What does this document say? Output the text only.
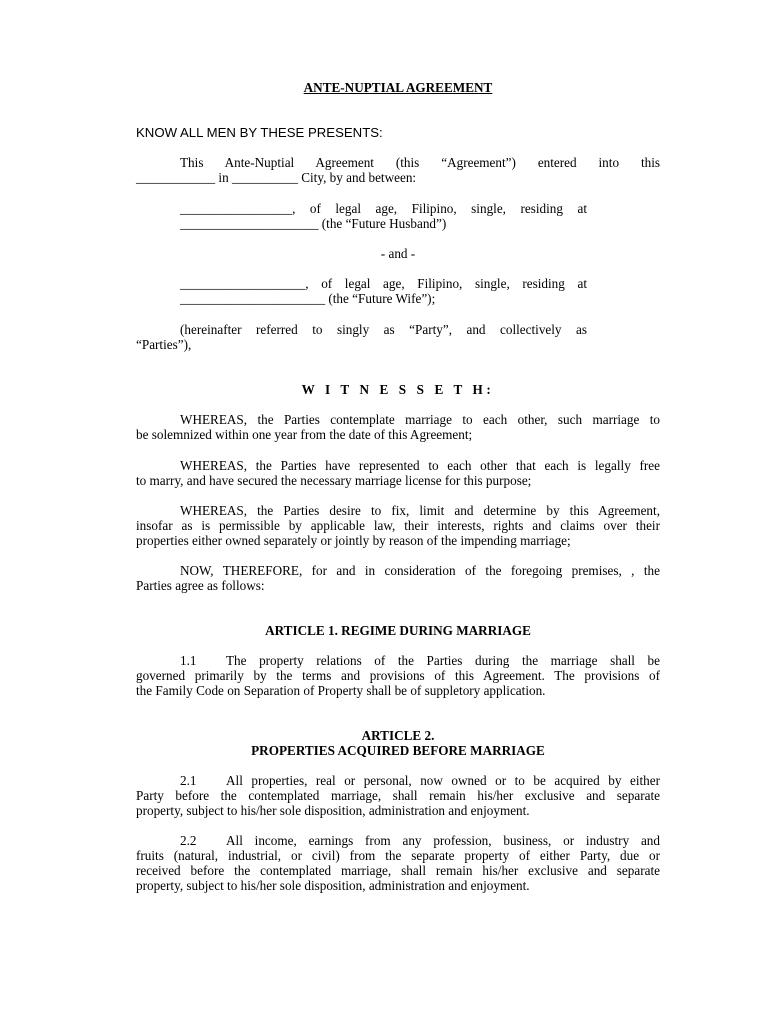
ANTE-NUPTIAL AGREEMENT
KNOW ALL MEN BY THESE PRESENTS:
This Ante-Nuptial Agreement (this “Agreement”) entered into this
____________ in __________ City, by and between:
_________________, of legal age, Filipino, single, residing at
_____________________ (the “Future Husband”)
- and -
___________________, of legal age, Filipino, single, residing at
______________________ (the “Future Wife”);
(hereinafter referred to singly as “Party”, and collectively as
“Parties”),
W I T N E S S E T H:
WHEREAS, the Parties contemplate marriage to each other, such marriage to
be solemnized within one year from the date of this Agreement;
WHEREAS, the Parties have represented to each other that each is legally free
to marry, and have secured the necessary marriage license for this purpose;
WHEREAS, the Parties desire to fix, limit and determine by this Agreement,
insofar as is permissible by applicable law, their interests, rights and claims over their
properties either owned separately or jointly by reason of the impending marriage;
NOW, THEREFORE, for and in consideration of the foregoing premises, , the
Parties agree as follows:
ARTICLE 1. REGIME DURING MARRIAGE
1.1 The property relations of the Parties during the marriage shall be
governed primarily by the terms and provisions of this Agreement. The provisions of
the Family Code on Separation of Property shall be of suppletory application.
ARTICLE 2.
PROPERTIES ACQUIRED BEFORE MARRIAGE
2.1 All properties, real or personal, now owned or to be acquired by either
Party before the contemplated marriage, shall remain his/her exclusive and separate
property, subject to his/her sole disposition, administration and enjoyment.
2.2 All income, earnings from any profession, business, or industry and
fruits (natural, industrial, or civil) from the separate property of either Party, due or
received before the contemplated marriage, shall remain his/her exclusive and separate
property, subject to his/her sole disposition, administration and enjoyment.
